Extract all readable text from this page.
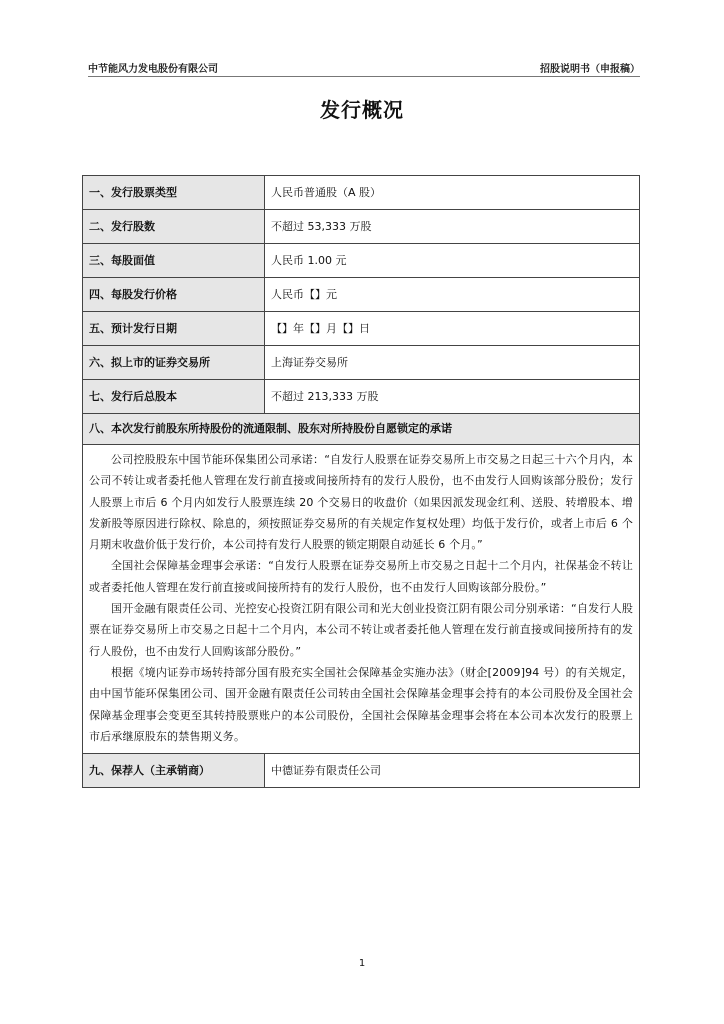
中节能风力发电股份有限公司	招股说明书（申报稿）
发行概况
一、发行股票类型	人民币普通股（A 股）
二、发行股数	不超过 53,333 万股
三、每股面值	人民币 1.00 元
四、每股发行价格	人民币【】元
五、预计发行日期	【】年【】月【】日
六、拟上市的证券交易所	上海证券交易所
七、发行后总股本	不超过 213,333 万股
八、本次发行前股东所持股份的流通限制、股东对所持股份自愿锁定的承诺	

公司控股股东中国节能环保集团公司承诺：“自发行人股票在证券交易所上市交易之日起三十六个月内，本公司不转让或者委托他人管理在发行前直接或间接所持有的发行人股份，也不由发行人回购该部分股份；发行人股票上市后 6 个月内如发行人股票连续 20 个交易日的收盘价（如果因派发现金红利、送股、转增股本、增发新股等原因进行除权、除息的，须按照证券交易所的有关规定作复权处理）均低于发行价，或者上市后 6 个月期末收盘价低于发行价，本公司持有发行人股票的锁定期限自动延长 6 个月。”

全国社会保障基金理事会承诺：“自发行人股票在证券交易所上市交易之日起十二个月内，社保基金不转让或者委托他人管理在发行前直接或间接所持有的发行人股份，也不由发行人回购该部分股份。”

国开金融有限责任公司、光控安心投资江阴有限公司和光大创业投资江阴有限公司分别承诺：“自发行人股票在证券交易所上市交易之日起十二个月内，本公司不转让或者委托他人管理在发行前直接或间接所持有的发行人股份，也不由发行人回购该部分股份。”

根据《境内证券市场转持部分国有股充实全国社会保障基金实施办法》（财企[2009]94 号）的有关规定，由中国节能环保集团公司、国开金融有限责任公司转由全国社会保障基金理事会持有的本公司股份及全国社会保障基金理事会变更至其转持股票账户的本公司股份，全国社会保障基金理事会将在本公司本次发行的股票上市后承继原股东的禁售期义务。	

九、保荐人（主承销商）	中德证券有限责任公司
1
